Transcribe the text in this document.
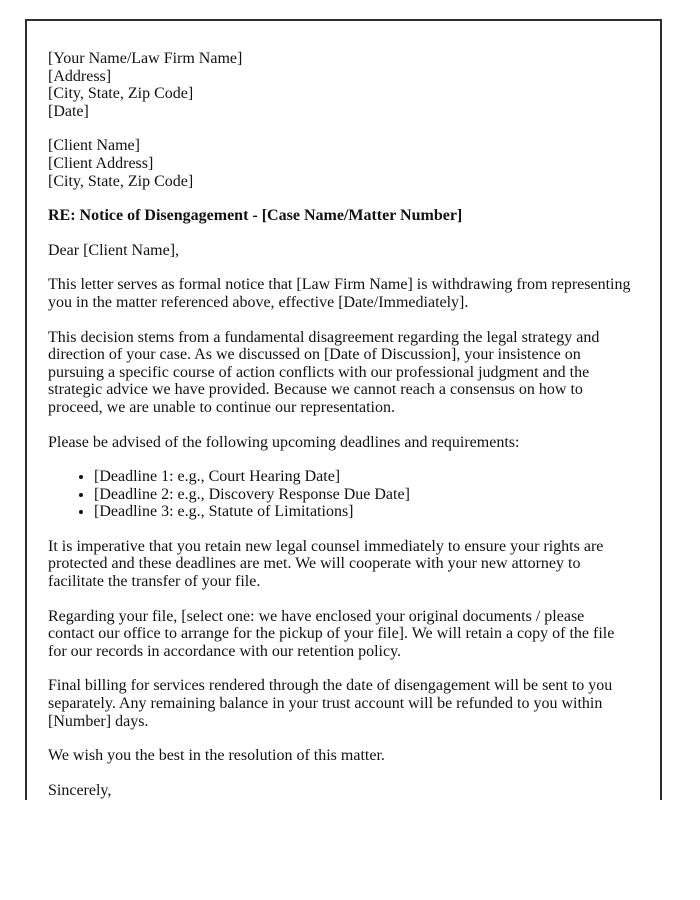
[Your Name/Law Firm Name]
[Address]
[City, State, Zip Code]
[Date]
[Client Name]
[Client Address]
[City, State, Zip Code]

RE: Notice of Disengagement - [Case Name/Matter Number]

Dear [Client Name],

This letter serves as formal notice that [Law Firm Name] is withdrawing from representing you in the matter referenced above, effective [Date/Immediately].

This decision stems from a fundamental disagreement regarding the legal strategy and direction of your case. As we discussed on [Date of Discussion], your insistence on pursuing a specific course of action conflicts with our professional judgment and the strategic advice we have provided. Because we cannot reach a consensus on how to proceed, we are unable to continue our representation.

Please be advised of the following upcoming deadlines and requirements:

• [Deadline 1: e.g., Court Hearing Date]
• [Deadline 2: e.g., Discovery Response Due Date]
• [Deadline 3: e.g., Statute of Limitations]

It is imperative that you retain new legal counsel immediately to ensure your rights are protected and these deadlines are met. We will cooperate with your new attorney to facilitate the transfer of your file.

Regarding your file, [select one: we have enclosed your original documents / please contact our office to arrange for the pickup of your file]. We will retain a copy of the file for our records in accordance with our retention policy.

Final billing for services rendered through the date of disengagement will be sent to you separately. Any remaining balance in your trust account will be refunded to you within [Number] days.

We wish you the best in the resolution of this matter.

Sincerely,
